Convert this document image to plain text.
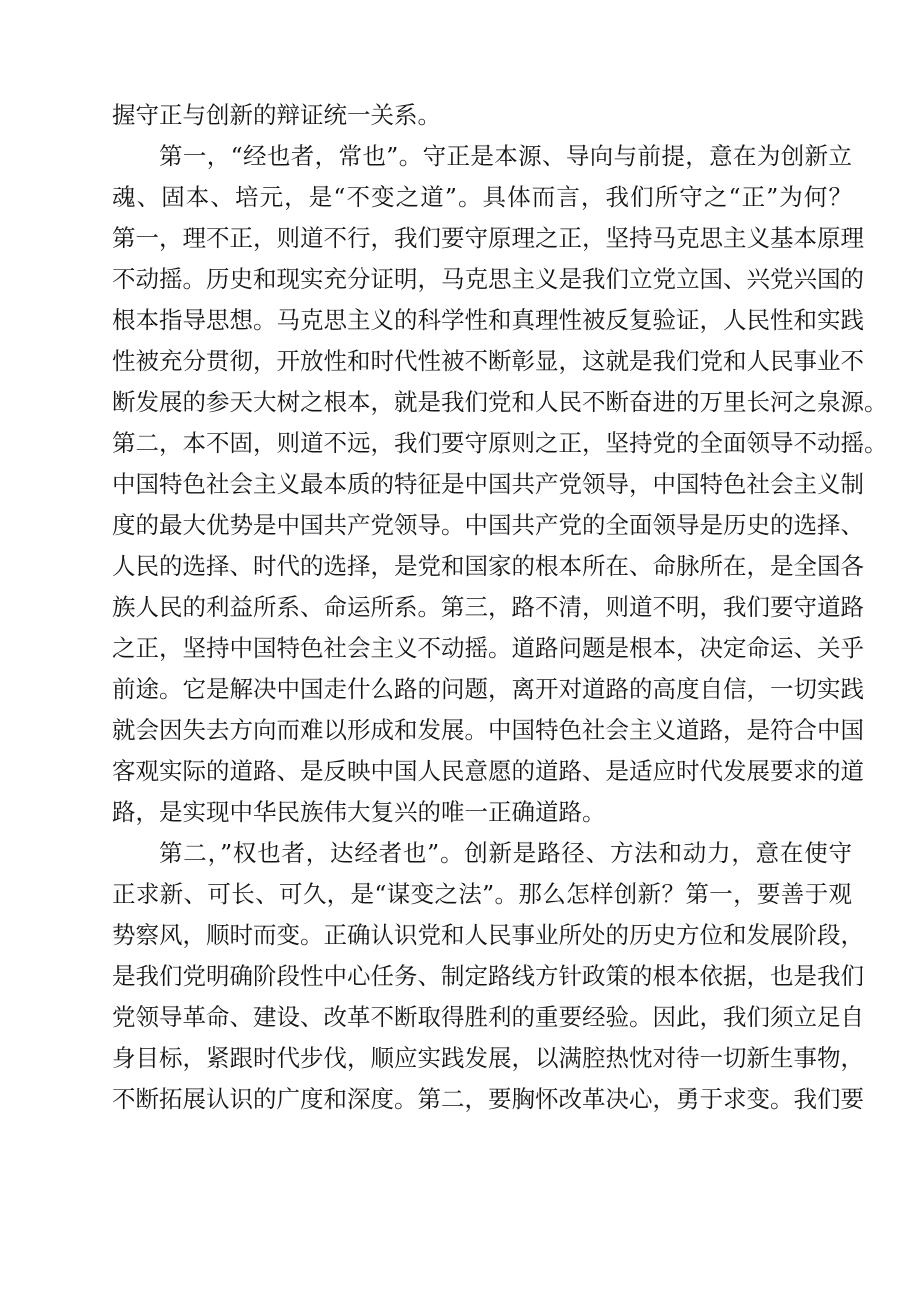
握守正与创新的辩证统一关系。
第一，“经也者，常也”。守正是本源、导向与前提，意在为创新立
魂、固本、培元，是“不变之道”。具体而言，我们所守之“正”为何？
第一，理不正，则道不行，我们要守原理之正，坚持马克思主义基本原理
不动摇。历史和现实充分证明，马克思主义是我们立党立国、兴党兴国的
根本指导思想。马克思主义的科学性和真理性被反复验证，人民性和实践
性被充分贯彻，开放性和时代性被不断彰显，这就是我们党和人民事业不
断发展的参天大树之根本，就是我们党和人民不断奋进的万里长河之泉源。
第二，本不固，则道不远，我们要守原则之正，坚持党的全面领导不动摇。
中国特色社会主义最本质的特征是中国共产党领导，中国特色社会主义制
度的最大优势是中国共产党领导。中国共产党的全面领导是历史的选择、
人民的选择、时代的选择，是党和国家的根本所在、命脉所在，是全国各
族人民的利益所系、命运所系。第三，路不清，则道不明，我们要守道路
之正，坚持中国特色社会主义不动摇。道路问题是根本，决定命运、关乎
前途。它是解决中国走什么路的问题，离开对道路的高度自信，一切实践
就会因失去方向而难以形成和发展。中国特色社会主义道路，是符合中国
客观实际的道路、是反映中国人民意愿的道路、是适应时代发展要求的道
路，是实现中华民族伟大复兴的唯一正确道路。
第二，”权也者，达经者也”。创新是路径、方法和动力，意在使守
正求新、可长、可久，是“谋变之法”。那么怎样创新？第一，要善于观
势察风，顺时而变。正确认识党和人民事业所处的历史方位和发展阶段，
是我们党明确阶段性中心任务、制定路线方针政策的根本依据，也是我们
党领导革命、建设、改革不断取得胜利的重要经验。因此，我们须立足自
身目标，紧跟时代步伐，顺应实践发展，以满腔热忱对待一切新生事物，
不断拓展认识的广度和深度。第二，要胸怀改革决心，勇于求变。我们要
